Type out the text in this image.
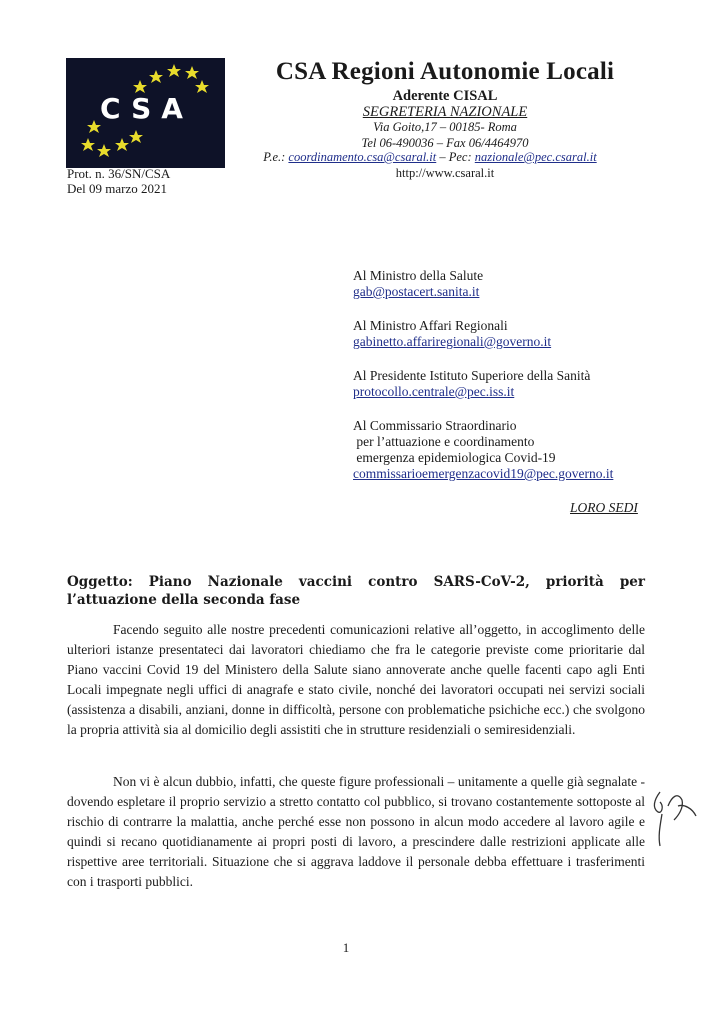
CSA
CSA Regioni Autonomie Locali
Aderente CISAL
SEGRETERIA NAZIONALE
Via Goito,17 – 00185- Roma
Tel 06-490036 – Fax 06/4464970
P.e.: coordinamento.csa@csaral.it – Pec: nazionale@pec.csaral.it
http://www.csaral.it
Prot. n. 36/SN/CSA
Del 09 marzo 2021
Al Ministro della Salute
gab@postacert.sanita.it
Al Ministro Affari Regionali
gabinetto.affariregionali@governo.it
Al Presidente Istituto Superiore della Sanità
protocollo.centrale@pec.iss.it
Al Commissario Straordinario
per l’attuazione e coordinamento
emergenza epidemiologica Covid-19
commissarioemergenzacovid19@pec.governo.it
LORO SEDI
Oggetto: Piano Nazionale vaccini contro SARS-CoV-2, priorità per l’attuazione della seconda fase
Facendo seguito alle nostre precedenti comunicazioni relative all’oggetto, in accoglimento delle ulteriori istanze presentateci dai lavoratori chiediamo che fra le categorie previste come prioritarie dal Piano vaccini Covid 19 del Ministero della Salute siano annoverate anche quelle facenti capo agli Enti Locali impegnate negli uffici di anagrafe e stato civile, nonché dei lavoratori occupati nei servizi sociali (assistenza a disabili, anziani, donne in difficoltà, persone con problematiche psichiche ecc.) che svolgono la propria attività sia al domicilio degli assistiti che in strutture residenziali o semiresidenziali.
Non vi è alcun dubbio, infatti, che queste figure professionali – unitamente a quelle già segnalate - dovendo espletare il proprio servizio a stretto contatto col pubblico, si trovano costantemente sottoposte al rischio di contrarre la malattia, anche perché esse non possono in alcun modo accedere al lavoro agile e quindi si recano quotidianamente ai propri posti di lavoro, a prescindere dalle restrizioni applicate alle rispettive aree territoriali. Situazione che si aggrava laddove il personale debba effettuare i trasferimenti con i trasporti pubblici.
1
